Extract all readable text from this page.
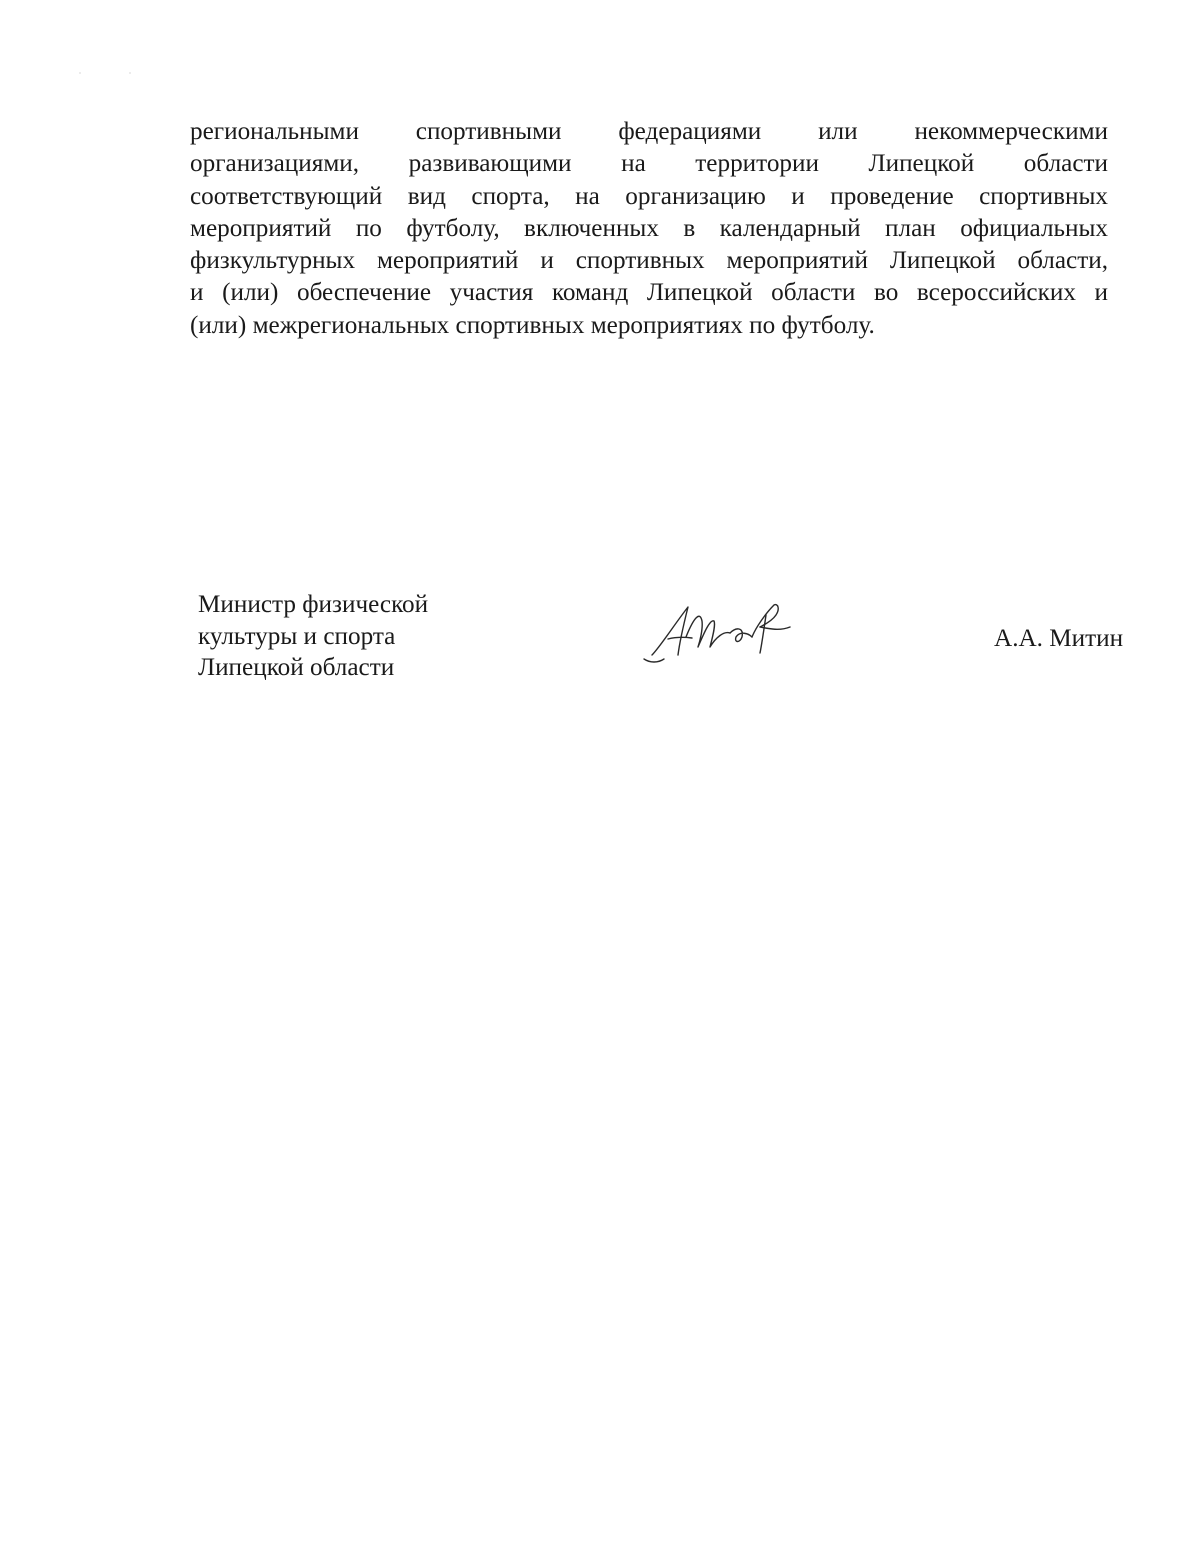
региональными спортивными федерациями или некоммерческими
организациями, развивающими на территории Липецкой области
соответствующий вид спорта, на организацию и проведение спортивных
мероприятий по футболу, включенных в календарный план официальных
физкультурных мероприятий и спортивных мероприятий Липецкой области,
и (или) обеспечение участия команд Липецкой области во всероссийских и
(или) межрегиональных спортивных мероприятиях по футболу.

Министр физической
культуры и спорта
Липецкой области
А.А. Митин
